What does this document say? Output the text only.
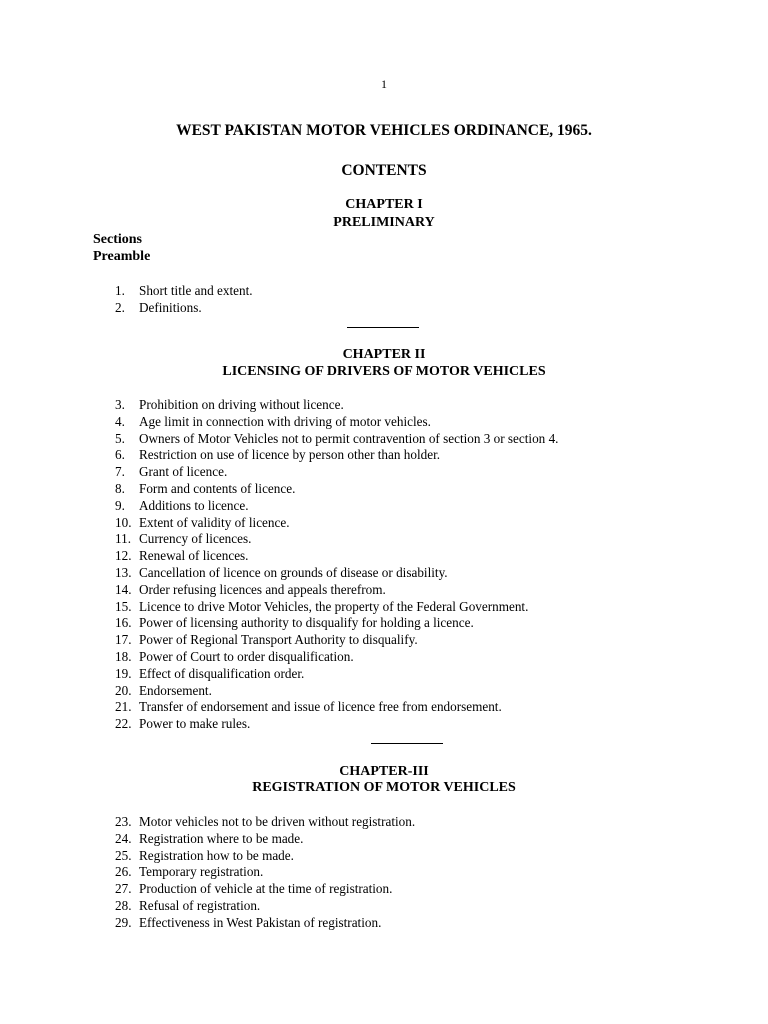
1
WEST PAKISTAN MOTOR VEHICLES ORDINANCE, 1965.
CONTENTS
CHAPTER I
PRELIMINARY
Sections
Preamble
1. Short title and extent.
2. Definitions.
CHAPTER II
LICENSING OF DRIVERS OF MOTOR VEHICLES
3. Prohibition on driving without licence.
4. Age limit in connection with driving of motor vehicles.
5. Owners of Motor Vehicles not to permit contravention of section 3 or section 4.
6. Restriction on use of licence by person other than holder.
7. Grant of licence.
8. Form and contents of licence.
9. Additions to licence.
10. Extent of validity of licence.
11. Currency of licences.
12. Renewal of licences.
13. Cancellation of licence on grounds of disease or disability.
14. Order refusing licences and appeals therefrom.
15. Licence to drive Motor Vehicles, the property of the Federal Government.
16. Power of licensing authority to disqualify for holding a licence.
17. Power of Regional Transport Authority to disqualify.
18. Power of Court to order disqualification.
19. Effect of disqualification order.
20. Endorsement.
21. Transfer of endorsement and issue of licence free from endorsement.
22. Power to make rules.
CHAPTER-III
REGISTRATION OF MOTOR VEHICLES
23. Motor vehicles not to be driven without registration.
24. Registration where to be made.
25. Registration how to be made.
26. Temporary registration.
27. Production of vehicle at the time of registration.
28. Refusal of registration.
29. Effectiveness in West Pakistan of registration.
